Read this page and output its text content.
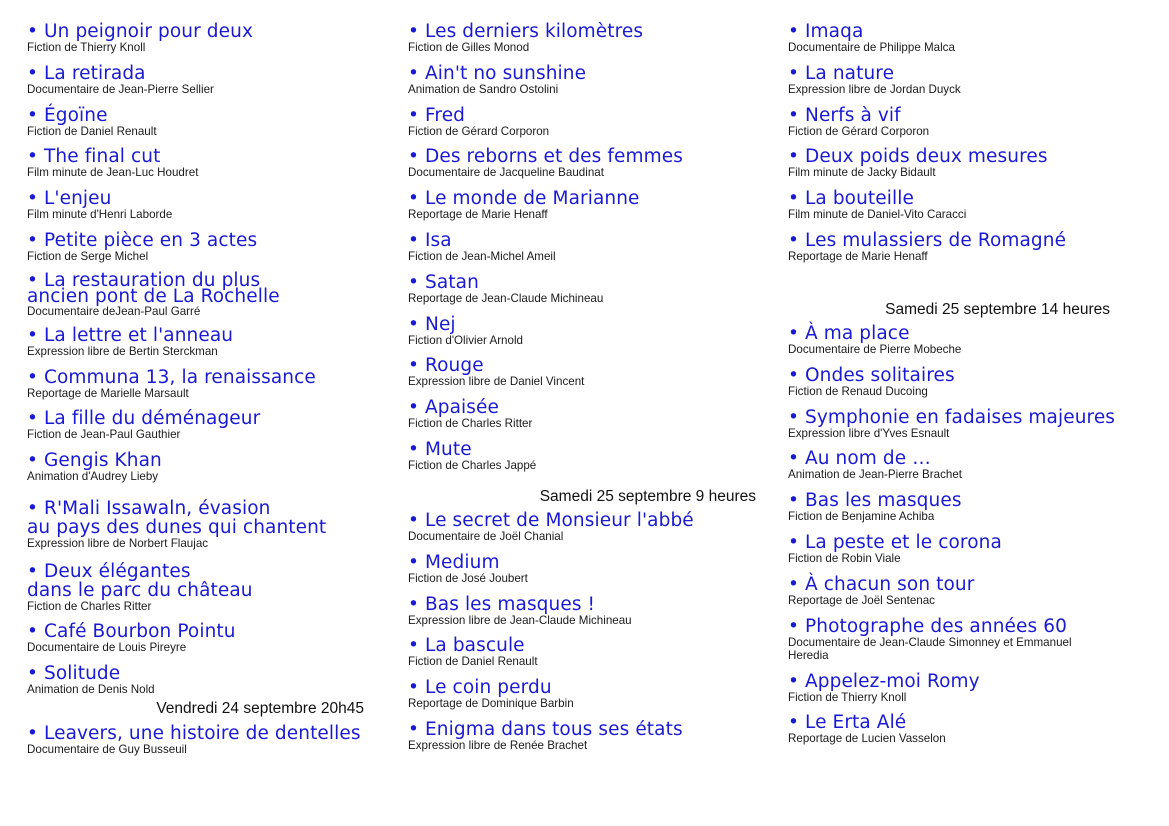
• Un peignoir pour deux
Fiction de Thierry Knoll
• La retirada
Documentaire de Jean-Pierre Sellier
• Égoïne
Fiction de Daniel Renault
• The final cut
Film minute de Jean-Luc Houdret
• L'enjeu
Film minute d'Henri Laborde
• Petite pièce en 3 actes
Fiction de Serge Michel
• La restauration du plus
ancien pont de La Rochelle
Documentaire deJean-Paul Garré
• La lettre et l'anneau
Expression libre de Bertin Sterckman
• Communa 13, la renaissance
Reportage de Marielle Marsault
• La fille du déménageur
Fiction de Jean-Paul Gauthier
• Gengis Khan
Animation d'Audrey Lieby
• R'Mali Issawaln, évasion
au pays des dunes qui chantent
Expression libre de Norbert Flaujac
• Deux élégantes
dans le parc du château
Fiction de Charles Ritter
• Café Bourbon Pointu
Documentaire de Louis Pireyre
• Solitude
Animation de Denis Nold
Vendredi 24 septembre 20h45
• Leavers, une histoire de dentelles
Documentaire de Guy Busseuil
• Les derniers kilomètres
Fiction de Gilles Monod
• Ain't no sunshine
Animation de Sandro Ostolini
• Fred
Fiction de Gérard Corporon
• Des reborns et des femmes
Documentaire de Jacqueline Baudinat
• Le monde de Marianne
Reportage de Marie Henaff
• Isa
Fiction de Jean-Michel Ameil
• Satan
Reportage de Jean-Claude Michineau
• Nej
Fiction d'Olivier Arnold
• Rouge
Expression libre de Daniel Vincent
• Apaisée
Fiction de Charles Ritter
• Mute
Fiction de Charles Jappé
Samedi 25 septembre 9 heures
• Le secret de Monsieur l'abbé
Documentaire de Joël Chanial
• Medium
Fiction de José Joubert
• Bas les masques !
Expression libre de Jean-Claude Michineau
• La bascule
Fiction de Daniel Renault
• Le coin perdu
Reportage de Dominique Barbin
• Enigma dans tous ses états
Expression libre de Renée Brachet
• Imaqa
Documentaire de Philippe Malca
• La nature
Expression libre de Jordan Duyck
• Nerfs à vif
Fiction de Gérard Corporon
• Deux poids deux mesures
Film minute de Jacky Bidault
• La bouteille
Film minute de Daniel-Vito Caracci
• Les mulassiers de Romagné
Reportage de Marie Henaff
Samedi 25 septembre 14 heures
• À ma place
Documentaire de Pierre Mobeche
• Ondes solitaires
Fiction de Renaud Ducoing
• Symphonie en fadaises majeures
Expression libre d'Yves Esnault
• Au nom de …
Animation de Jean-Pierre Brachet
• Bas les masques
Fiction de Benjamine Achiba
• La peste et le corona
Fiction de Robin Viale
• À chacun son tour
Reportage de Joël Sentenac
• Photographe des années 60
Documentaire de Jean-Claude Simonney et Emmanuel
Heredia
• Appelez-moi Romy
Fiction de Thierry Knoll
• Le Erta Alé
Reportage de Lucien Vasselon
